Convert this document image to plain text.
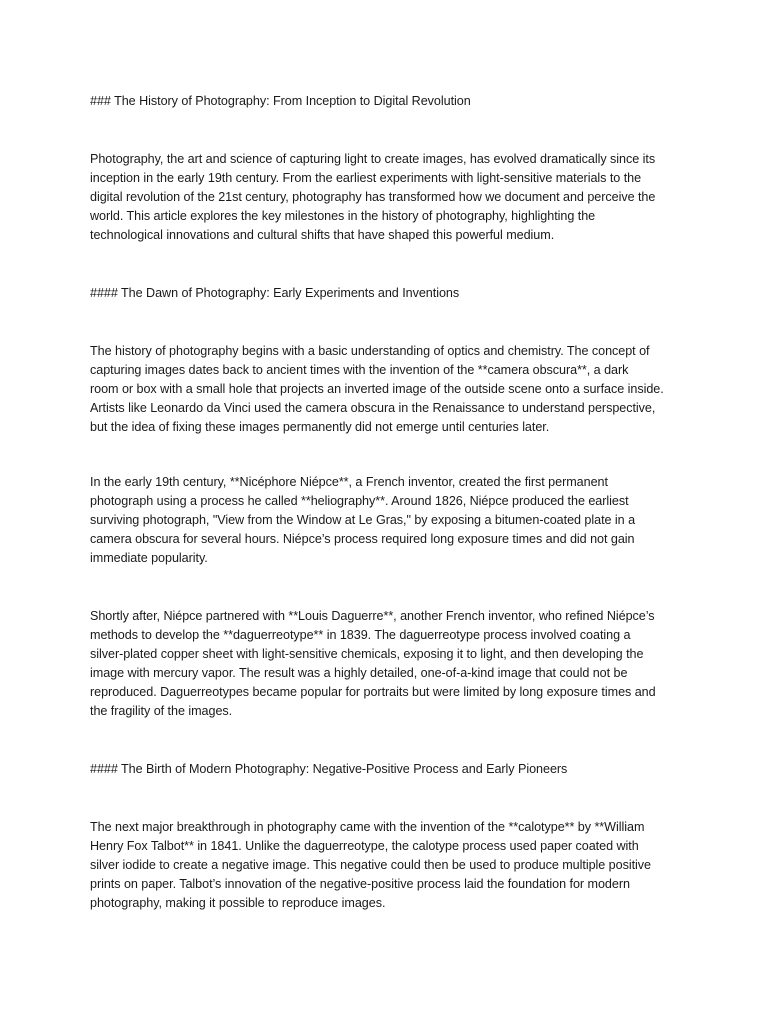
### The History of Photography: From Inception to Digital Revolution

Photography, the art and science of capturing light to create images, has evolved dramatically since its
inception in the early 19th century. From the earliest experiments with light-sensitive materials to the
digital revolution of the 21st century, photography has transformed how we document and perceive the
world. This article explores the key milestones in the history of photography, highlighting the
technological innovations and cultural shifts that have shaped this powerful medium.

#### The Dawn of Photography: Early Experiments and Inventions

The history of photography begins with a basic understanding of optics and chemistry. The concept of
capturing images dates back to ancient times with the invention of the **camera obscura**, a dark
room or box with a small hole that projects an inverted image of the outside scene onto a surface inside.
Artists like Leonardo da Vinci used the camera obscura in the Renaissance to understand perspective,
but the idea of fixing these images permanently did not emerge until centuries later.
In the early 19th century, **Nicéphore Niépce**, a French inventor, created the first permanent
photograph using a process he called **heliography**. Around 1826, Niépce produced the earliest
surviving photograph, "View from the Window at Le Gras," by exposing a bitumen-coated plate in a
camera obscura for several hours. Niépce’s process required long exposure times and did not gain
immediate popularity.
Shortly after, Niépce partnered with **Louis Daguerre**, another French inventor, who refined Niépce’s
methods to develop the **daguerreotype** in 1839. The daguerreotype process involved coating a
silver-plated copper sheet with light-sensitive chemicals, exposing it to light, and then developing the
image with mercury vapor. The result was a highly detailed, one-of-a-kind image that could not be
reproduced. Daguerreotypes became popular for portraits but were limited by long exposure times and
the fragility of the images.

#### The Birth of Modern Photography: Negative-Positive Process and Early Pioneers

The next major breakthrough in photography came with the invention of the **calotype** by **William
Henry Fox Talbot** in 1841. Unlike the daguerreotype, the calotype process used paper coated with
silver iodide to create a negative image. This negative could then be used to produce multiple positive
prints on paper. Talbot’s innovation of the negative-positive process laid the foundation for modern
photography, making it possible to reproduce images.
